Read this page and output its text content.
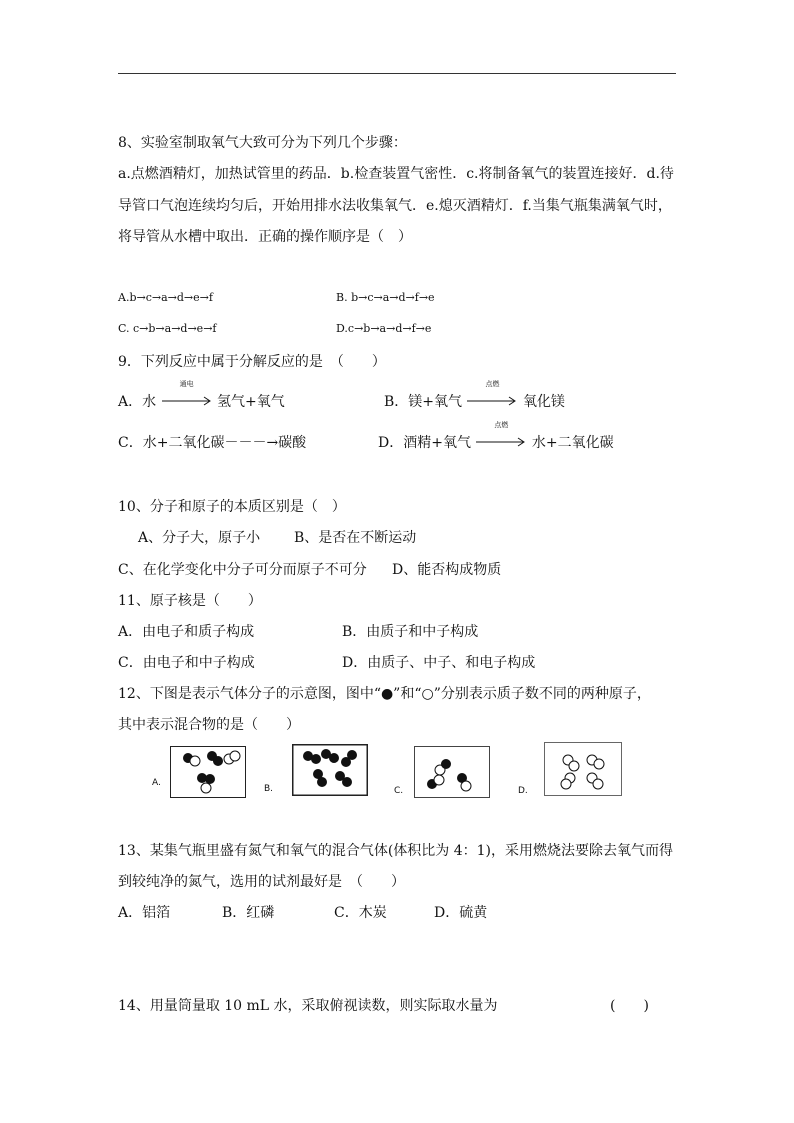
8、实验室制取氧气大致可分为下列几个步骤：
a.点燃酒精灯，加热试管里的药品．b.检查装置气密性．c.将制备氧气的装置连接好．d.待
导管口气泡连续均匀后，开始用排水法收集氧气．e.熄灭酒精灯．f.当集气瓶集满氧气时，
将导管从水槽中取出．正确的操作顺序是（　）
A.b→c→a→d→e→f	B. b→c→a→d→f→e
C. c→b→a→d→e→f	D.c→b→a→d→f→e
9．下列反应中属于分解反应的是　（　　）
A．水
通电
氢气+氧气	B．镁+氧气
点燃
氧化镁
C．水+二氧化碳－－－→碳酸	D．酒精+氧气
点燃
水+二氧化碳
10、分子和原子的本质区别是（　）
A、分子大，原子小 B、是否在不断运动
C、在化学变化中分子可分而原子不可分 D、能否构成物质
11、原子核是（　　）
A．由电子和质子构成	B．由质子和中子构成
C．由电子和中子构成	D．由质子、中子、和电子构成
12、下图是表示气体分子的示意图，图中“●”和“○”分别表示质子数不同的两种原子，
其中表示混合物的是（　　）
A.
B.	C.	D.
13、某集气瓶里盛有氮气和氧气的混合气体(体积比为 4：1)，采用燃烧法要除去氧气而得
到较纯净的氮气，选用的试剂最好是　（　　）
A．铝箔	B．红磷	C．木炭	D．硫黄
14、用量筒量取 10 mL 水，采取俯视读数，则实际取水量为	(　　)
